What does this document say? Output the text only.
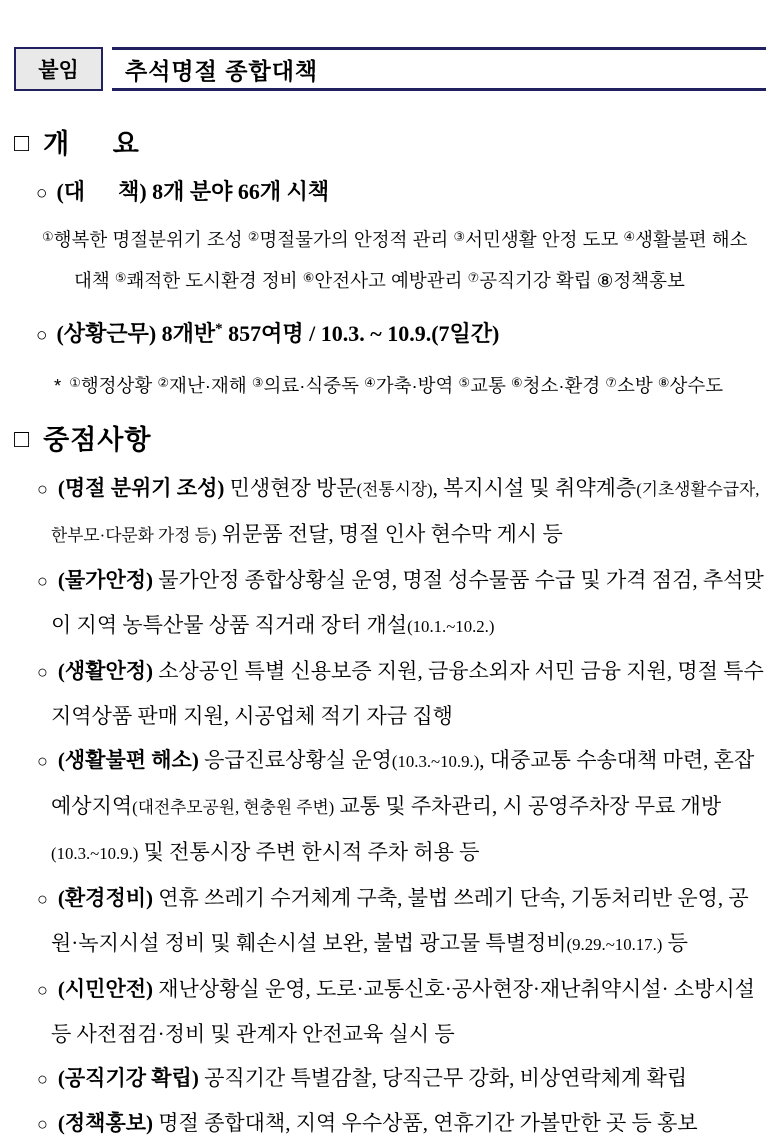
붙임 추석명절 종합대책
□ 개     요
○ (대      책) 8개 분야 66개 시책
①행복한 명절분위기 조성 ②명절물가의 안정적 관리 ③서민생활 안정 도모 ④생활불편 해소 대책 ⑤쾌적한 도시환경 정비 ⑥안전사고 예방관리 ⑦공직기강 확립 ⑧정책홍보
○ (상황근무) 8개반* 857여명 / 10.3. ~ 10.9.(7일간)
* ①행정상황 ②재난·재해 ③의료·식중독 ④가축·방역 ⑤교통 ⑥청소·환경 ⑦소방 ⑧상수도
□ 중점사항
○ (명절 분위기 조성) 민생현장 방문(전통시장), 복지시설 및 취약계층(기초생활수급자, 한부모·다문화 가정 등) 위문품 전달, 명절 인사 현수막 게시 등
○ (물가안정) 물가안정 종합상황실 운영, 명절 성수물품 수급 및 가격 점검, 추석맞이 지역 농특산물 상품 직거래 장터 개설(10.1.~10.2.)
○ (생활안정) 소상공인 특별 신용보증 지원, 금융소외자 서민 금융 지원, 명절 특수 지역상품 판매 지원, 시공업체 적기 자금 집행
○ (생활불편 해소) 응급진료상황실 운영(10.3.~10.9.), 대중교통 수송대책 마련, 혼잡예상지역(대전추모공원, 현충원 주변) 교통 및 주차관리, 시 공영주차장 무료 개방(10.3.~10.9.) 및 전통시장 주변 한시적 주차 허용 등
○ (환경정비) 연휴 쓰레기 수거체계 구축, 불법 쓰레기 단속, 기동처리반 운영, 공원·녹지시설 정비 및 훼손시설 보완, 불법 광고물 특별정비(9.29.~10.17.) 등
○ (시민안전) 재난상황실 운영, 도로·교통신호·공사현장·재난취약시설· 소방시설 등 사전점검·정비 및 관계자 안전교육 실시 등
○ (공직기강 확립) 공직기간 특별감찰, 당직근무 강화, 비상연락체계 확립
○ (정책홍보) 명절 종합대책, 지역 우수상품, 연휴기간 가볼만한 곳 등 홍보
